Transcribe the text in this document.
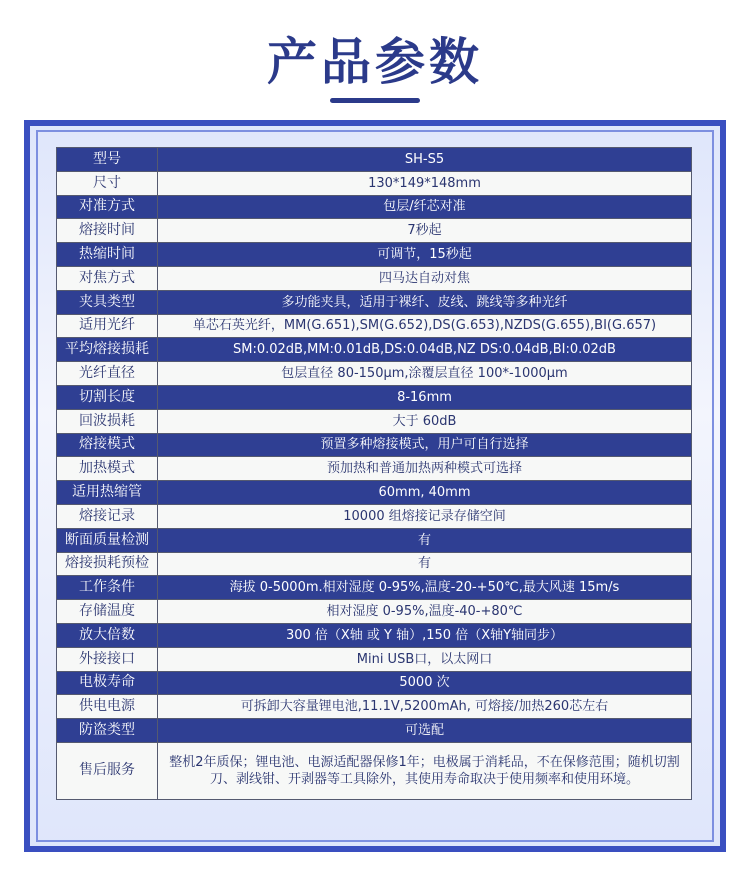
产品参数
型号	SH-S5
尺寸	130*149*148mm
对准方式	包层/纤芯对准
熔接时间	7秒起
热缩时间	可调节，15秒起
对焦方式	四马达自动对焦
夹具类型	多功能夹具，适用于裸纤、皮线、跳线等多种光纤
适用光纤	单芯石英光纤，MM(G.651),SM(G.652),DS(G.653),NZDS(G.655),BI(G.657)
平均熔接损耗	SM:0.02dB,MM:0.01dB,DS:0.04dB,NZ DS:0.04dB,BI:0.02dB
光纤直径	包层直径 80-150μm,涂覆层直径 100*-1000μm
切割长度	8-16mm
回波损耗	大于 60dB
熔接模式	预置多种熔接模式，用户可自行选择
加热模式	预加热和普通加热两种模式可选择
适用热缩管	60mm, 40mm
熔接记录	10000 组熔接记录存储空间
断面质量检测	有
熔接损耗预检	有
工作条件	海拔 0-5000m.相对湿度 0-95%,温度-20-+50℃,最大风速 15m/s
存储温度	相对湿度 0-95%,温度-40-+80℃
放大倍数	300 倍（X轴 或 Y 轴）,150 倍（X轴Y轴同步）
外接接口	Mini USB口，以太网口
电极寿命	5000 次
供电电源	可拆卸大容量锂电池,11.1V,5200mAh, 可熔接/加热260芯左右
防盗类型	可选配
售后服务	整机2年质保；锂电池、电源适配器保修1年；电极属于消耗品，不在保修范围；随机切割刀、剥线钳、开剥器等工具除外，其使用寿命取决于使用频率和使用环境。
